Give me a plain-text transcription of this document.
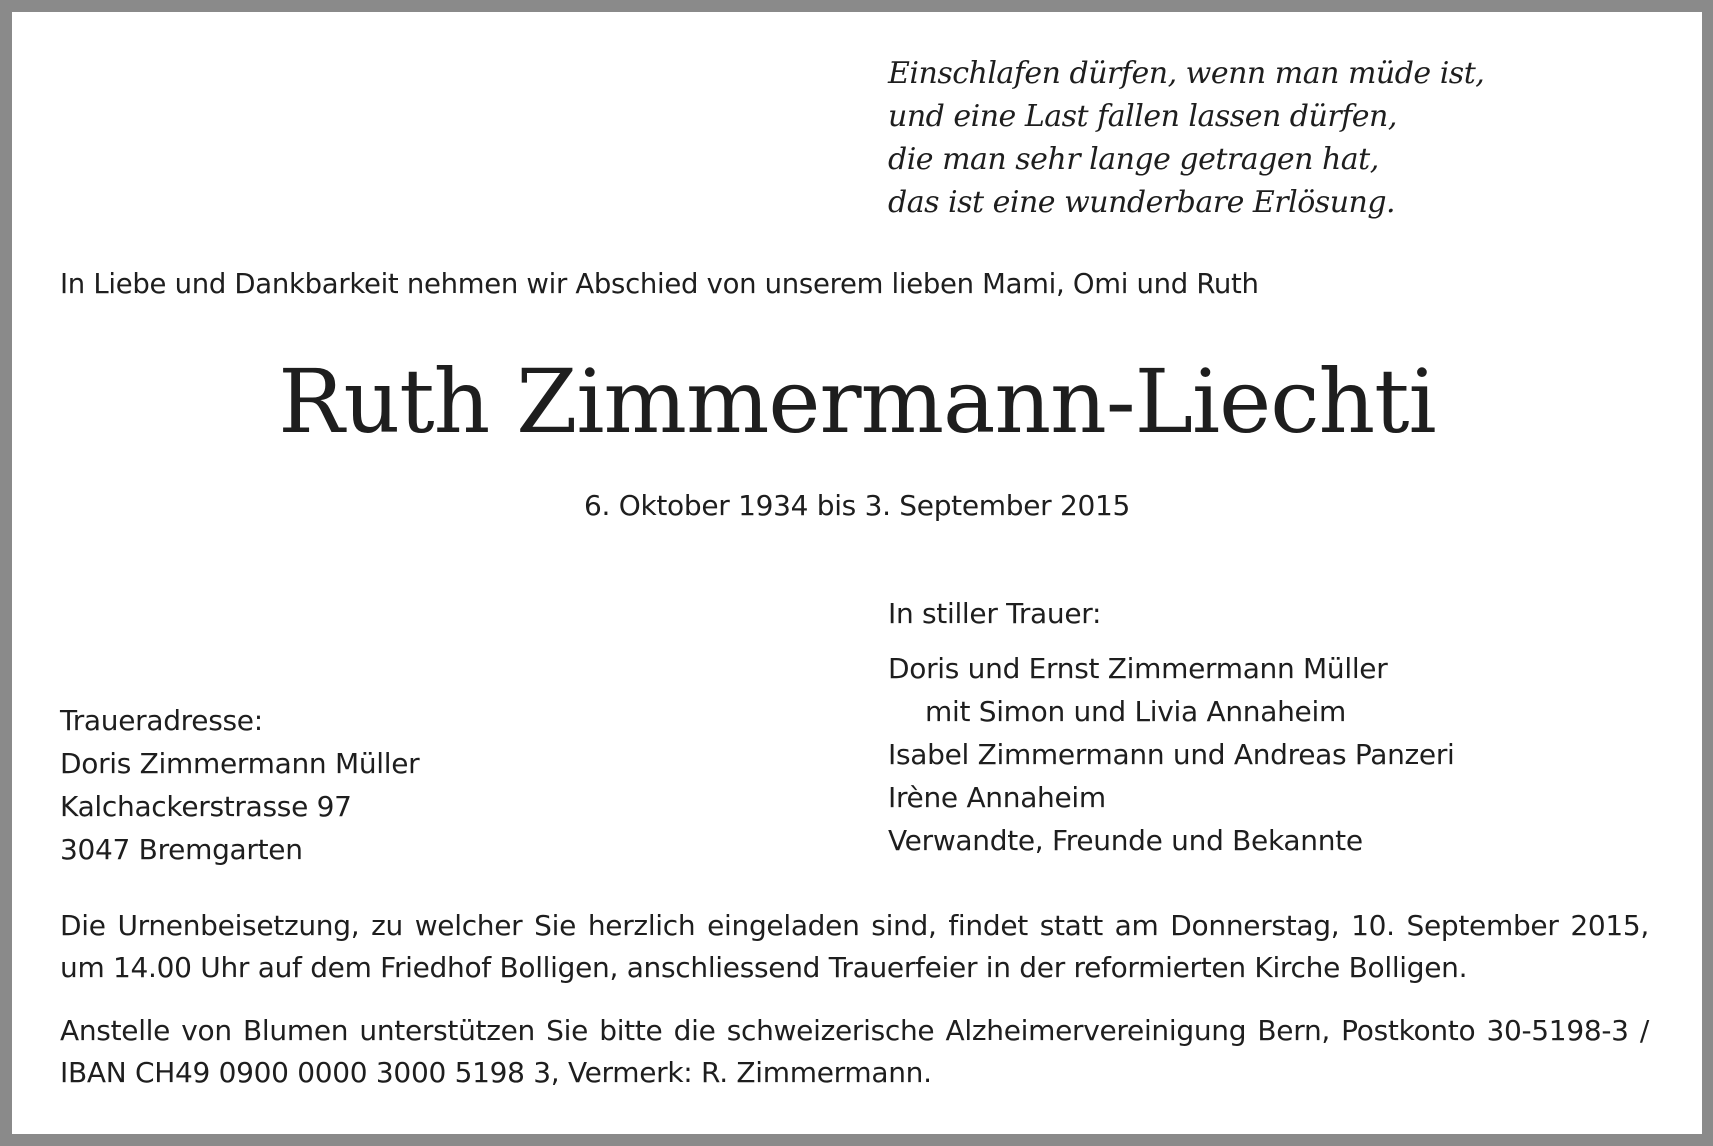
Einschlafen dürfen, wenn man müde ist,
und eine Last fallen lassen dürfen,
die man sehr lange getragen hat,
das ist eine wunderbare Erlösung.
In Liebe und Dankbarkeit nehmen wir Abschied von unserem lieben Mami, Omi und Ruth
Ruth Zimmermann-Liechti
6. Oktober 1934 bis 3. September 2015
In stiller Trauer:
Doris und Ernst Zimmermann Müller
mit Simon und Livia Annaheim
Isabel Zimmermann und Andreas Panzeri
Irène Annaheim
Verwandte, Freunde und Bekannte
Traueradresse:
Doris Zimmermann Müller
Kalchackerstrasse 97
3047 Bremgarten
Die Urnenbeisetzung, zu welcher Sie herzlich eingeladen sind, findet statt am Donnerstag, 10. September 2015, um 14.00 Uhr auf dem Friedhof Bolligen, anschliessend Trauerfeier in der reformierten Kirche Bolligen.
Anstelle von Blumen unterstützen Sie bitte die schweizerische Alzheimervereinigung Bern, Postkonto 30-5198-3 / IBAN CH49 0900 0000 3000 5198 3, Vermerk: R. Zimmermann.
